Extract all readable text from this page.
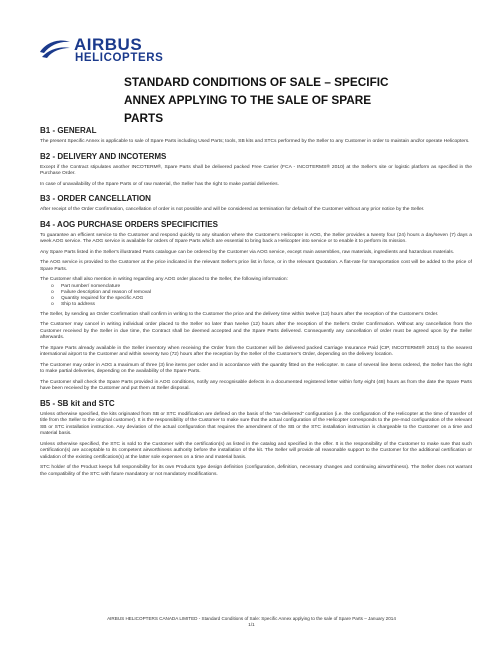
AIRBUS
HELICOPTERS
STANDARD CONDITIONS OF SALE – SPECIFIC
ANNEX APPLYING TO THE SALE OF SPARE
PARTS
B1 - GENERAL
The present Specific Annex is applicable to sale of Spare Parts including Used Parts; tools, SB kits and STCs performed by the Seller to any Customer in order to maintain and/or operate Helicopters.
B2 - DELIVERY AND INCOTERMS
Except if the Contract stipulates another INCOTERM®, Spare Parts shall be delivered packed Free Carrier (FCA - INCOTERMS® 2010) at the Seller's site or logistic platform as specified in the Purchase Order.
In case of unavailability of the Spare Parts or of raw material, the Seller has the right to make partial deliveries.
B3 - ORDER CANCELLATION
After receipt of the Order Confirmation, cancellation of order is not possible and will be considered as termination for default of the Customer without any prior notice by the Seller.
B4 - AOG PURCHASE ORDERS SPECIFICITIES
To guarantee an efficient service to the Customer and respond quickly to any situation where the Customer's Helicopter is AOG, the Seller provides a twenty four (24) hours a day/seven (7) days a week AOG service. The AOG service is available for orders of Spare Parts which are essential to bring back a Helicopter into service or to enable it to perform its mission.
Any Spare Parts listed in the Seller's illustrated Parts catalogue can be ordered by the Customer via AOG service, except main assemblies, raw materials, ingredients and hazardous materials.
The AOG service is provided to the Customer at the price indicated in the relevant Seller's price list in force, or in the relevant Quotation. A flat-rate for transportation cost will be added to the price of Spare Parts.
The Customer shall also mention in writing regarding any AOG order placed to the Seller, the following information:
o Part number/ nomenclature
o Failure description and reason of removal
o Quantity required for the specific AOG
o Ship to address
The Seller, by sending an Order Confirmation shall confirm in writing to the Customer the price and the delivery time within twelve (12) hours after the reception of the Customer's Order.
The Customer may cancel in writing individual order placed to the Seller no later than twelve (12) hours after the reception of the Seller's Order Confirmation. Without any cancellation from the Customer received by the Seller in due time, the Contract shall be deemed accepted and the Spare Parts delivered. Consequently any cancellation of order must be agreed upon by the Seller afterwards.
The Spare Parts already available in the Seller inventory when receiving the Order from the Customer will be delivered packed Carriage Insurance Paid (CIP, INCOTERMS® 2010) to the nearest international airport to the Customer and within seventy two (72) hours after the reception by the Seller of the Customer's Order, depending on the delivery location.
The Customer may order in AOG a maximum of three (3) line items per order and in accordance with the quantity fitted on the Helicopter. In case of several line items ordered, the Seller has the right to make partial deliveries, depending on the availability of the Spare Parts.
The Customer shall check the Spare Parts provided in AOG conditions, notify any recognisable defects in a documented registered letter within forty eight (48) hours as from the date the Spare Parts have been received by the Customer and put them at Seller disposal.
B5 - SB kit and STC
Unless otherwise specified, the kits originated from SB or STC modification are defined on the basis of the "as-delivered" configuration (i.e. the configuration of the Helicopter at the time of transfer of title from the Seller to the original customer). It is the responsibility of the Customer to make sure that the actual configuration of the Helicopter corresponds to the pre-mod configuration of the relevant SB or STC installation instruction. Any deviation of the actual configuration that requires the amendment of the SB or the STC installation instruction is chargeable to the Customer on a time and material basis.
Unless otherwise specified, the STC is sold to the Customer with the certification(s) as listed in the catalog and specified in the offer. It is the responsibility of the Customer to make sure that such certification(s) are acceptable to its competent airworthiness authority before the installation of the kit. The Seller will provide all reasonable support to the Customer for the additional certification or validation of the existing certification(s) at the latter sole expenses on a time and material basis.
STC holder of the Product keeps full responsibility for its own Products type design definition (configuration, definition, necessary changes and continuing airworthiness). The Seller does not warrant the compatibility of the STC with future mandatory or not mandatory modifications.
AIRBUS HELICOPTERS CANADA LIMITED - Standard Conditions of Sale: Specific Annex applying to the sale of Spare Parts – January 2014
1/1
